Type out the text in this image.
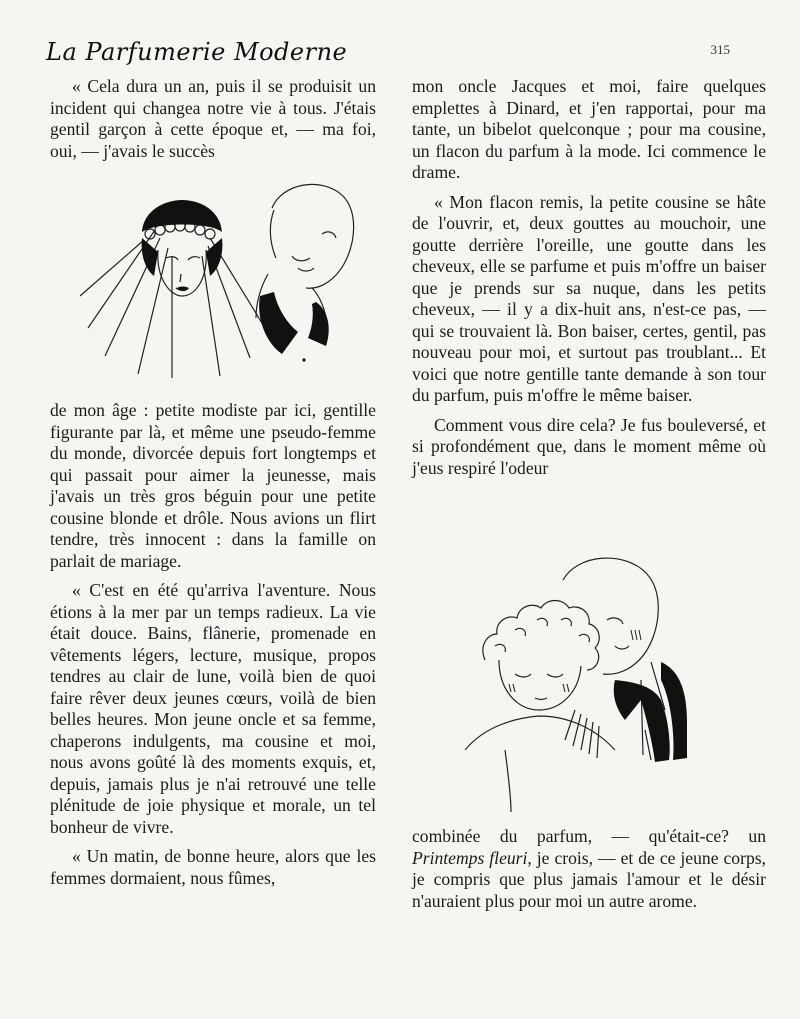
La Parfumerie Moderne	315

« Cela dura un an, puis il se produisit un incident qui changea notre vie à tous. J'étais gentil garçon à cette époque et, — ma foi, oui, — j'avais le succès

de mon âge : petite modiste par ici, gentille figurante par là, et même une pseudo-femme du monde, divorcée depuis fort longtemps et qui passait pour aimer la jeunesse, mais j'avais un très gros béguin pour une petite cousine blonde et drôle. Nous avions un flirt tendre, très innocent : dans la famille on parlait de mariage.

« C'est en été qu'arriva l'aventure. Nous étions à la mer par un temps radieux. La vie était douce. Bains, flânerie, promenade en vêtements légers, lecture, musique, propos tendres au clair de lune, voilà bien de quoi faire rêver deux jeunes cœurs, voilà de bien belles heures. Mon jeune oncle et sa femme, chaperons indulgents, ma cousine et moi, nous avons goûté là des moments exquis, et, depuis, jamais plus je n'ai retrouvé une telle plénitude de joie physique et morale, un tel bonheur de vivre.

« Un matin, de bonne heure, alors que les femmes dormaient, nous fûmes,

mon oncle Jacques et moi, faire quelques emplettes à Dinard, et j'en rapportai, pour ma tante, un bibelot quelconque ; pour ma cousine, un flacon du parfum à la mode. Ici commence le drame.

« Mon flacon remis, la petite cousine se hâte de l'ouvrir, et, deux gouttes au mouchoir, une goutte derrière l'oreille, une goutte dans les cheveux, elle se parfume et puis m'offre un baiser que je prends sur sa nuque, dans les petits cheveux, — il y a dix-huit ans, n'est-ce pas, — qui se trouvaient là. Bon baiser, certes, gentil, pas nouveau pour moi, et surtout pas troublant... Et voici que notre gentille tante demande à son tour du parfum, puis m'offre le même baiser.

Comment vous dire cela? Je fus bouleversé, et si profondément que, dans le moment même où j'eus respiré l'odeur

combinée du parfum, — qu'était-ce? un Printemps fleuri, je crois, — et de ce jeune corps, je compris que plus jamais l'amour et le désir n'auraient plus pour moi un autre arome.
